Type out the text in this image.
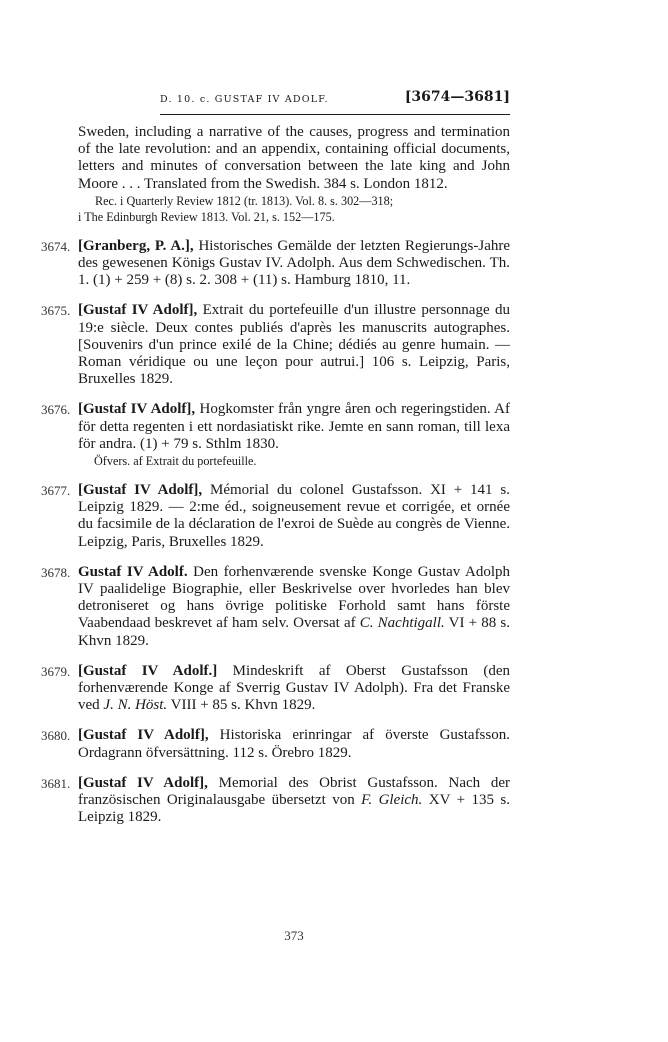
D. 10. c. GUSTAF IV ADOLF.	[3674—3681]

Sweden, including a narrative of the causes, progress and termination of the late revolution: and an appendix, containing official documents, letters and minutes of conversation between the late king and John Moore . . . Translated from the Swedish. 384 s. London 1812.

Rec. i Quarterly Review 1812 (tr. 1813). Vol. 8. s. 302—318;

i The Edinburgh Review 1813. Vol. 21, s. 152—175.

3674. [Granberg, P. A.], Historisches Gemälde der letzten Regierungs-Jahre des gewesenen Königs Gustav IV. Adolph. Aus dem Schwedischen. Th. 1. (1) + 259 + (8) s. 2. 308 + (11) s. Hamburg 1810, 11.

3675. [Gustaf IV Adolf], Extrait du portefeuille d'un illustre personnage du 19:e siècle. Deux contes publiés d'après les manuscrits autographes. [Souvenirs d'un prince exilé de la Chine; dédiés au genre humain. — Roman véridique ou une leçon pour autrui.] 106 s. Leipzig, Paris, Bruxelles 1829.

3676. [Gustaf IV Adolf], Hogkomster från yngre åren och regeringstiden. Af för detta regenten i ett nordasiatiskt rike. Jemte en sann roman, till lexa för andra. (1) + 79 s. Sthlm 1830.

Öfvers. af Extrait du portefeuille.

3677. [Gustaf IV Adolf], Mémorial du colonel Gustafsson. XI + 141 s. Leipzig 1829. — 2:me éd., soigneusement revue et corrigée, et ornée du facsimile de la déclaration de l'exroi de Suède au congrès de Vienne. Leipzig, Paris, Bruxelles 1829.

3678. Gustaf IV Adolf. Den forhenværende svenske Konge Gustav Adolph IV paalidelige Biographie, eller Beskrivelse over hvorledes han blev detroniseret og hans övrige politiske Forhold samt hans förste Vaabendaad beskrevet af ham selv. Oversat af C. Nachtigall. VI + 88 s. Khvn 1829.

3679. [Gustaf IV Adolf.] Mindeskrift af Oberst Gustafsson (den forhenværende Konge af Sverrig Gustav IV Adolph). Fra det Franske ved J. N. Höst. VIII + 85 s. Khvn 1829.

3680. [Gustaf IV Adolf], Historiska erinringar af överste Gustafsson. Ordagrann öfversättning. 112 s. Örebro 1829.

3681. [Gustaf IV Adolf], Memorial des Obrist Gustafsson. Nach der französischen Originalausgabe übersetzt von F. Gleich. XV + 135 s. Leipzig 1829.

373
